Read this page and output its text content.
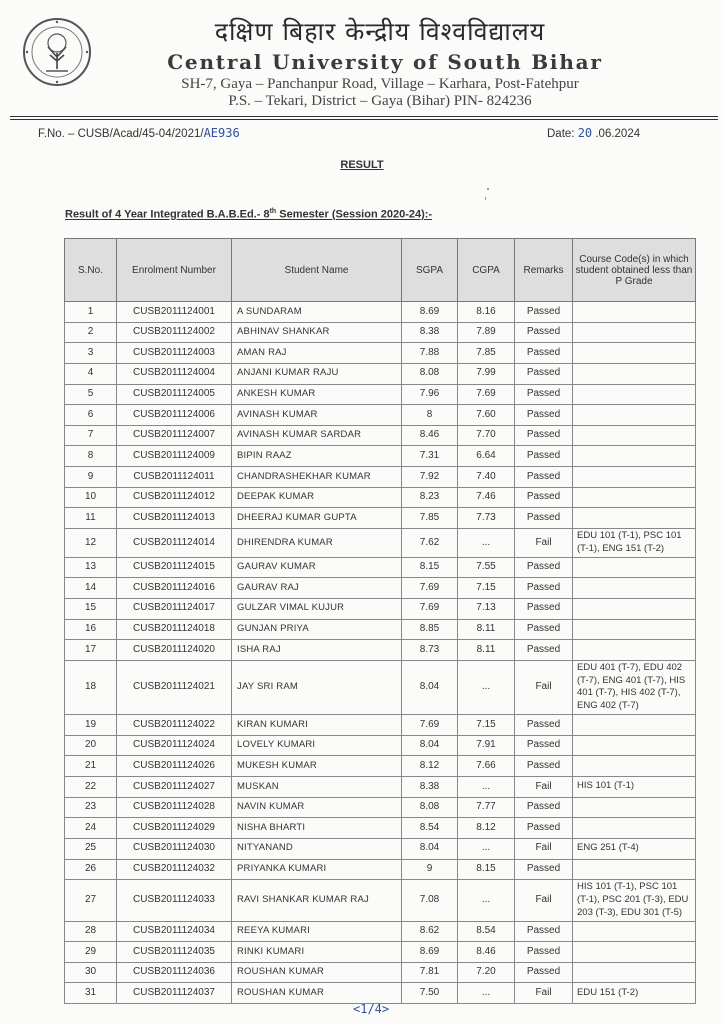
दक्षिण बिहार केन्द्रीय विश्वविद्यालय
Central University of South Bihar
SH-7, Gaya – Panchanpur Road, Village – Karhara, Post-Fatehpur
P.S. – Tekari, District – Gaya (Bihar) PIN- 824236
F.No. – CUSB/Acad/45-04/2021/AE936	Date: 20 .06.2024
RESULT
Result of 4 Year Integrated B.A.B.Ed.- 8th Semester (Session 2020-24):-
S.No.	Enrolment Number	Student Name	SGPA	CGPA	Remarks	Course Code(s) in which student obtained less than P Grade
1	CUSB2011124001	A SUNDARAM	8.69	8.16	Passed	
2	CUSB2011124002	ABHINAV SHANKAR	8.38	7.89	Passed	
3	CUSB2011124003	AMAN RAJ	7.88	7.85	Passed	
4	CUSB2011124004	ANJANI KUMAR RAJU	8.08	7.99	Passed	
5	CUSB2011124005	ANKESH KUMAR	7.96	7.69	Passed	
6	CUSB2011124006	AVINASH KUMAR	8	7.60	Passed	
7	CUSB2011124007	AVINASH KUMAR SARDAR	8.46	7.70	Passed	
8	CUSB2011124009	BIPIN RAAZ	7.31	6.64	Passed	
9	CUSB2011124011	CHANDRASHEKHAR KUMAR	7.92	7.40	Passed	
10	CUSB2011124012	DEEPAK KUMAR	8.23	7.46	Passed	
11	CUSB2011124013	DHEERAJ KUMAR GUPTA	7.85	7.73	Passed	
12	CUSB2011124014	DHIRENDRA KUMAR	7.62	...	Fail	EDU 101 (T-1), PSC 101 (T-1), ENG 151 (T-2)
13	CUSB2011124015	GAURAV KUMAR	8.15	7.55	Passed	
14	CUSB2011124016	GAURAV RAJ	7.69	7.15	Passed	
15	CUSB2011124017	GULZAR VIMAL KUJUR	7.69	7.13	Passed	
16	CUSB2011124018	GUNJAN PRIYA	8.85	8.11	Passed	
17	CUSB2011124020	ISHA RAJ	8.73	8.11	Passed	
18	CUSB2011124021	JAY SRI RAM	8.04	...	Fail	EDU 401 (T-7), EDU 402 (T-7), ENG 401 (T-7), HIS 401 (T-7), HIS 402 (T-7), ENG 402 (T-7)
19	CUSB2011124022	KIRAN KUMARI	7.69	7.15	Passed	
20	CUSB2011124024	LOVELY KUMARI	8.04	7.91	Passed	
21	CUSB2011124026	MUKESH KUMAR	8.12	7.66	Passed	
22	CUSB2011124027	MUSKAN	8.38	...	Fail	HIS 101 (T-1)
23	CUSB2011124028	NAVIN KUMAR	8.08	7.77	Passed	
24	CUSB2011124029	NISHA BHARTI	8.54	8.12	Passed	
25	CUSB2011124030	NITYANAND	8.04	...	Fail	ENG 251 (T-4)
26	CUSB2011124032	PRIYANKA KUMARI	9	8.15	Passed	
27	CUSB2011124033	RAVI SHANKAR KUMAR RAJ	7.08	...	Fail	HIS 101 (T-1), PSC 101 (T-1), PSC 201 (T-3), EDU 203 (T-3), EDU 301 (T-5)
28	CUSB2011124034	REEYA KUMARI	8.62	8.54	Passed	
29	CUSB2011124035	RINKI KUMARI	8.69	8.46	Passed	
30	CUSB2011124036	ROUSHAN KUMAR	7.81	7.20	Passed	
31	CUSB2011124037	ROUSHAN KUMAR	7.50	...	Fail	EDU 151 (T-2)
<1/4>
